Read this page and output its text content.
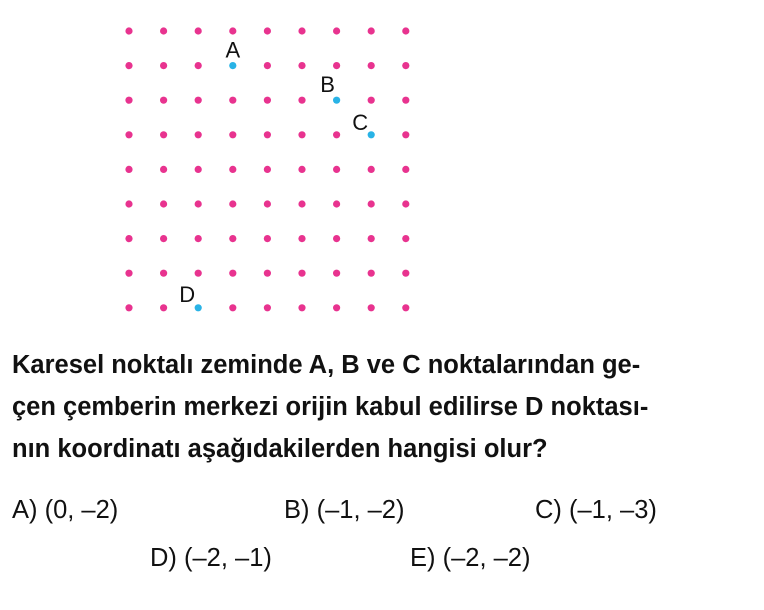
A
B
C
D

Karesel noktalı zeminde A, B ve C noktalarından ge-
çen çemberin merkezi orijin kabul edilirse D noktası-
nın koordinatı aşağıdakilerden hangisi olur?

A) (0, –2)	B) (–1, –2)	C) (–1, –3)
D) (–2, –1)	E) (–2, –2)
